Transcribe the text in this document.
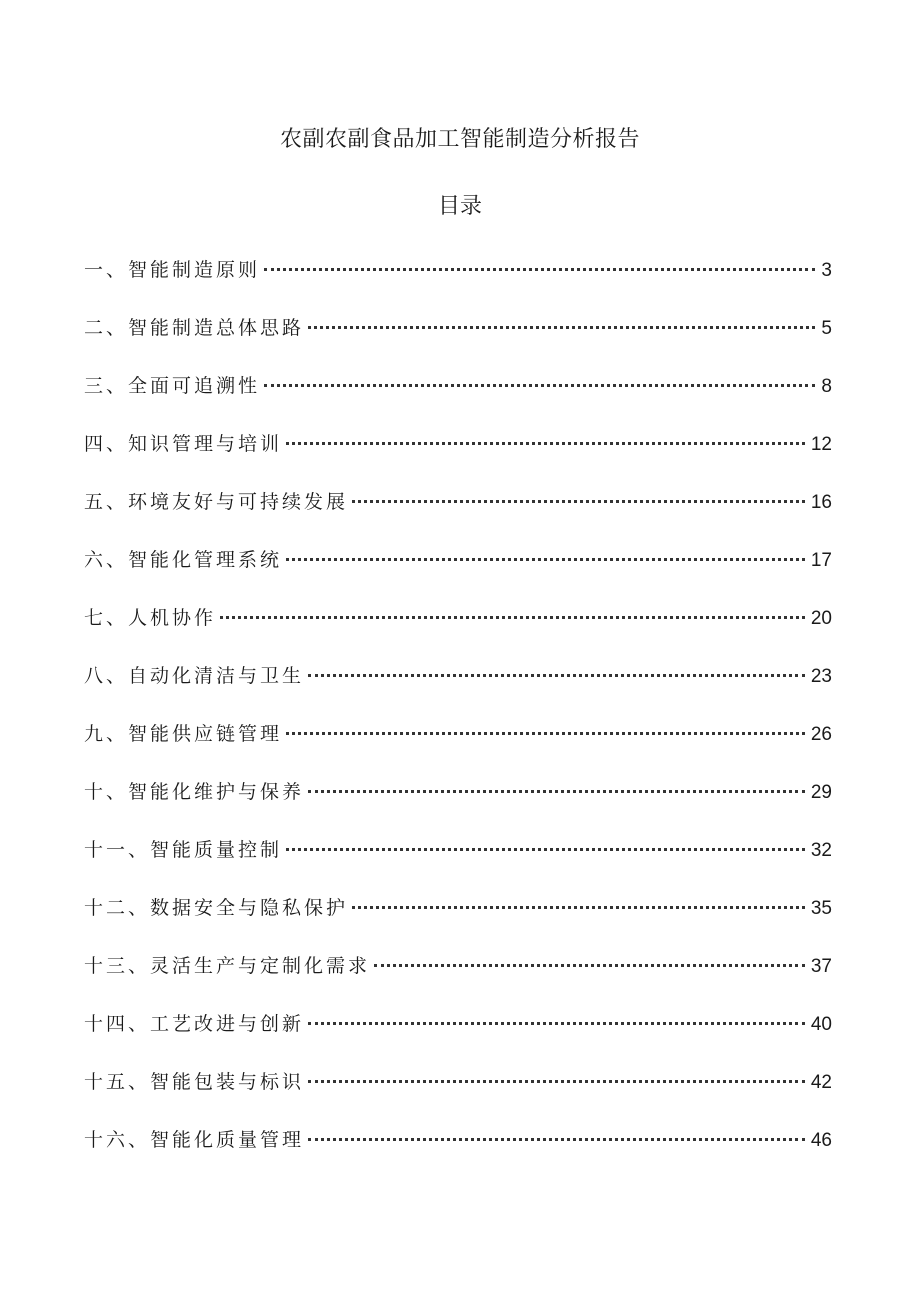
农副农副食品加工智能制造分析报告
目录
一、智能制造原则	3
二、智能制造总体思路	5
三、全面可追溯性	8
四、知识管理与培训	12
五、环境友好与可持续发展	16
六、智能化管理系统	17
七、人机协作	20
八、自动化清洁与卫生	23
九、智能供应链管理	26
十、智能化维护与保养	29
十一、智能质量控制	32
十二、数据安全与隐私保护	35
十三、灵活生产与定制化需求	37
十四、工艺改进与创新	40
十五、智能包装与标识	42
十六、智能化质量管理	46
